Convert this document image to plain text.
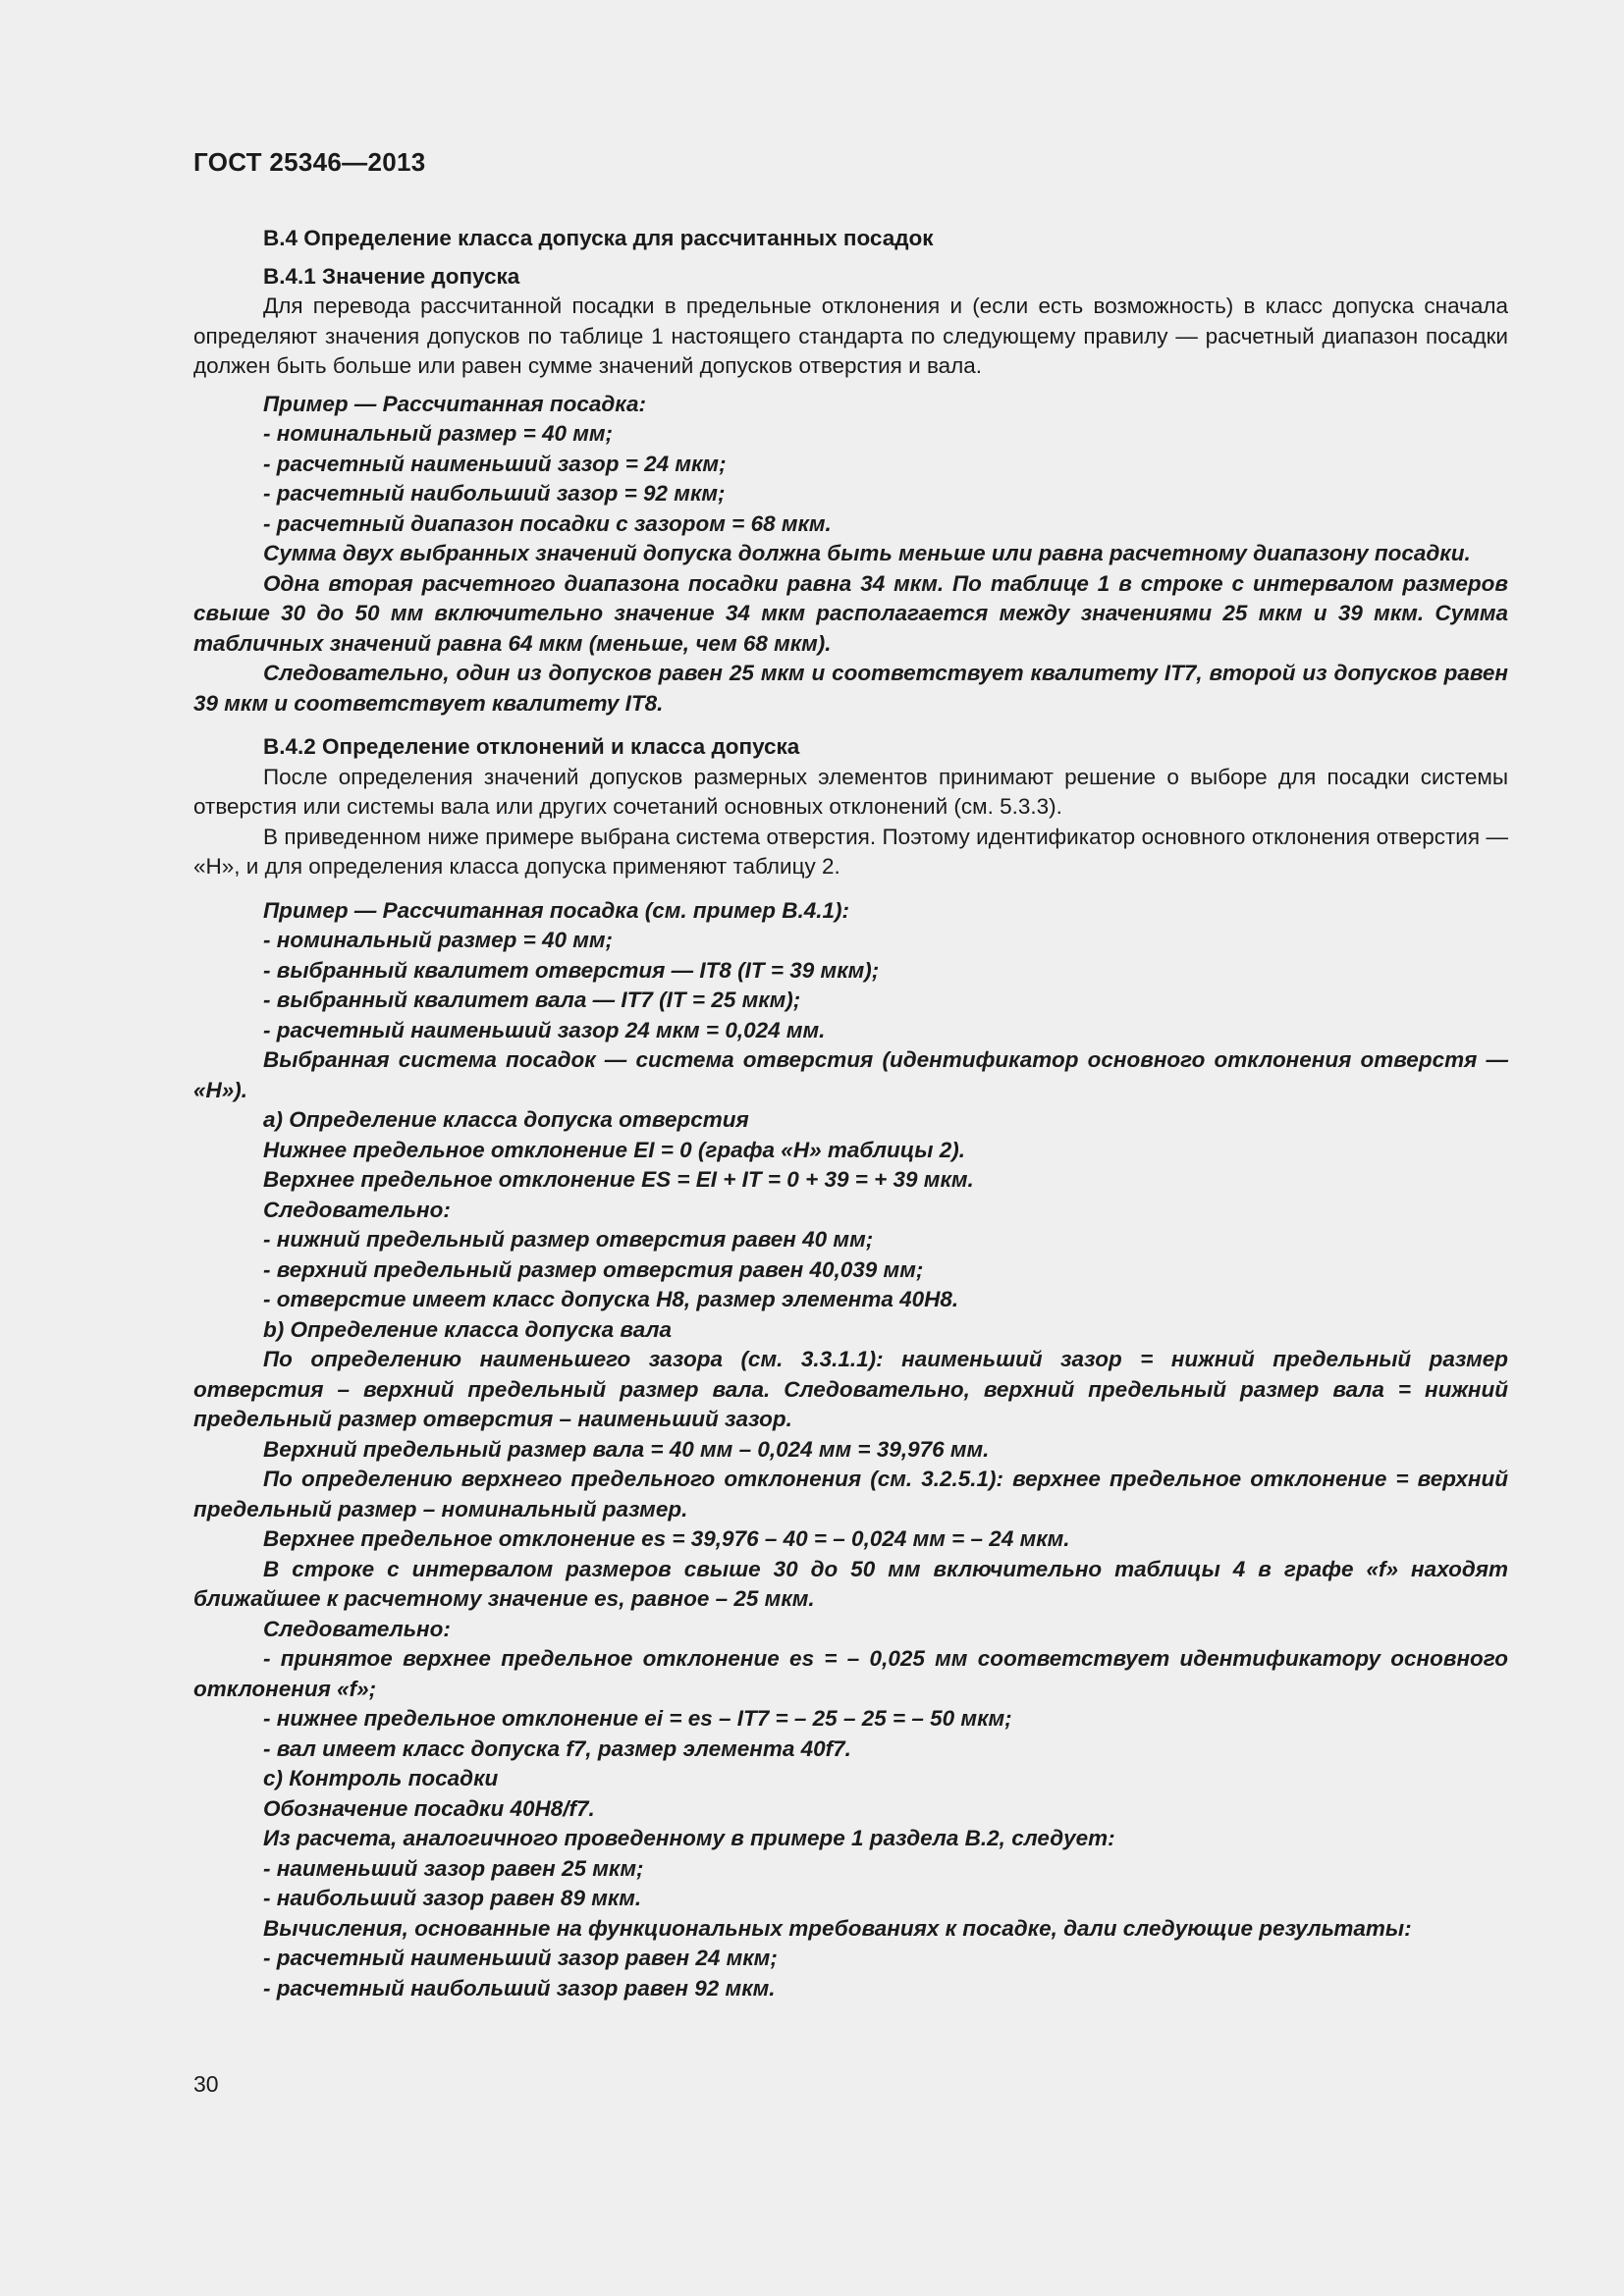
ГОСТ 25346—2013

В.4 Определение класса допуска для рассчитанных посадок

В.4.1 Значение допуска

Для перевода рассчитанной посадки в предельные отклонения и (если есть возможность) в класс допуска сначала определяют значения допусков по таблице 1 настоящего стандарта по следующему правилу — расчетный диапазон посадки должен быть больше или равен сумме значений допусков отверстия и вала.

Пример — Рассчитанная посадка:

- номинальный размер = 40 мм;

- расчетный наименьший зазор = 24 мкм;

- расчетный наибольший зазор = 92 мкм;

- расчетный диапазон посадки с зазором = 68 мкм.

Сумма двух выбранных значений допуска должна быть меньше или равна расчетному диапазону посадки.

Одна вторая расчетного диапазона посадки равна 34 мкм. По таблице 1 в строке с интервалом размеров свыше 30 до 50 мм включительно значение 34 мкм располагается между значениями 25 мкм и 39 мкм. Сумма табличных значений равна 64 мкм (меньше, чем 68 мкм).

Следовательно, один из допусков равен 25 мкм и соответствует квалитету IT7, второй из допусков равен 39 мкм и соответствует квалитету IT8.

В.4.2 Определение отклонений и класса допуска

После определения значений допусков размерных элементов принимают решение о выборе для посадки системы отверстия или системы вала или других сочетаний основных отклонений (см. 5.3.3).

В приведенном ниже примере выбрана система отверстия. Поэтому идентификатор основного отклонения отверстия — «H», и для определения класса допуска применяют таблицу 2.

Пример — Рассчитанная посадка (см. пример В.4.1):

- номинальный размер = 40 мм;

- выбранный квалитет отверстия — IT8 (IT = 39 мкм);

- выбранный квалитет вала — IT7 (IT = 25 мкм);

- расчетный наименьший зазор 24 мкм = 0,024 мм.

Выбранная система посадок — система отверстия (идентификатор основного отклонения отверстя — «H»).

а) Определение класса допуска отверстия

Нижнее предельное отклонение EI = 0 (графа «H» таблицы 2).

Верхнее предельное отклонение ES = EI + IT = 0 + 39 = + 39 мкм.

Следовательно:

- нижний предельный размер отверстия равен 40 мм;

- верхний предельный размер отверстия равен 40,039 мм;

- отверстие имеет класс допуска H8, размер элемента 40H8.

b) Определение класса допуска вала

По определению наименьшего зазора (см. 3.3.1.1): наименьший зазор = нижний предельный размер отверстия – верхний предельный размер вала. Следовательно, верхний предельный размер вала = нижний предельный размер отверстия – наименьший зазор.

Верхний предельный размер вала = 40 мм – 0,024 мм = 39,976 мм.

По определению верхнего предельного отклонения (см. 3.2.5.1): верхнее предельное отклонение = верхний предельный размер – номинальный размер.

Верхнее предельное отклонение es = 39,976 – 40 = – 0,024 мм = – 24 мкм.

В строке с интервалом размеров свыше 30 до 50 мм включительно таблицы 4 в графе «f» находят ближайшее к расчетному значение es, равное – 25 мкм.

Следовательно:

- принятое верхнее предельное отклонение es = – 0,025 мм соответствует идентификатору основного отклонения «f»;

- нижнее предельное отклонение ei = es – IT7 = – 25 – 25 = – 50 мкм;

- вал имеет класс допуска f7, размер элемента 40f7.

с) Контроль посадки

Обозначение посадки 40H8/f7.

Из расчета, аналогичного проведенному в примере 1 раздела В.2, следует:

- наименьший зазор равен 25 мкм;

- наибольший зазор равен 89 мкм.

Вычисления, основанные на функциональных требованиях к посадке, дали следующие результаты:

- расчетный наименьший зазор равен 24 мкм;

- расчетный наибольший зазор равен 92 мкм.

30
